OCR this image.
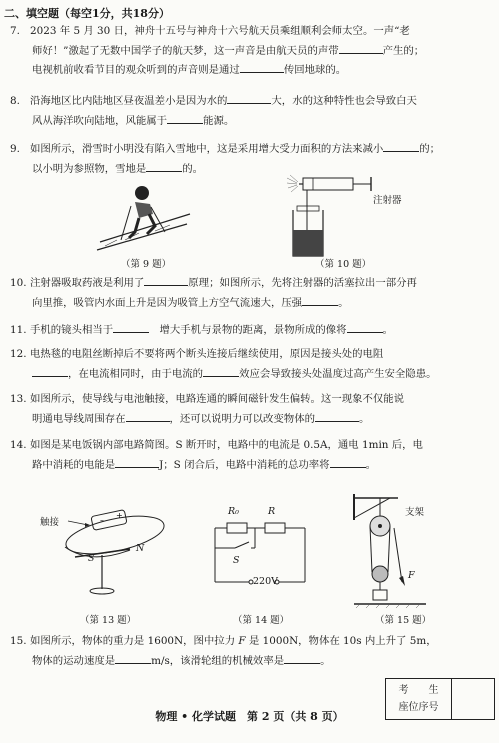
二、填空题（每空1分，共18分）
7. 2023 年 5 月 30 日，神舟十五号与神舟十六号航天员乘组顺利会师太空。一声“老
师好！”激起了无数中国学子的航天梦，这一声音是由航天员的声带	产生的；
电视机前收看节目的观众听到的声音则是通过	传回地球的。
8. 沿海地区比内陆地区昼夜温差小是因为水的	大，水的这种特性也会导致白天
风从海洋吹向陆地，风能属于	能源。
9. 如图所示，滑雪时小明没有陷入雪地中，这是采用增大受力面积的方法来减小	的；
以小明为参照物，雪地是	的。
（第 9 题）
注射器
（第 10 题）
10. 注射器吸取药液是利用了	原理；如图所示，先将注射器的活塞拉出一部分再
向里推，吸管内水面上升是因为吸管上方空气流速大，压强	。
11. 手机的镜头相当于　	增大手机与景物的距离，景物所成的像将	。
12. 电热毯的电阻丝断掉后不要将两个断头连接后继续使用，原因是接头处的电阻
，在电流相同时，由于电流的	效应会导致接头处温度过高产生安全隐患。
13. 如图所示，使导线与电池触接，电路连通的瞬间磁针发生偏转。这一现象不仅能说
明通电导线周围存在	，还可以说明力可以改变物体的	。
14. 如图是某电饭锅内部电路简图。S 断开时，电路中的电流是 0.5A，通电 1min 后，电
路中消耗的电能是	J；S 闭合后，电路中消耗的总功率将	。
–
+
触接
S
N
（第 13 题）
R₀	R
S
220V
（第 14 题）
支架
F
（第 15 题）
15. 如图所示，物体的重力是 1600N，图中拉力 F 是 1000N，物体在 10s 内上升了 5m，
物体的运动速度是	m/s，该滑轮组的机械效率是	。
考　　生
座位序号
物理 • 化学试题　第 2 页（共 8 页）
